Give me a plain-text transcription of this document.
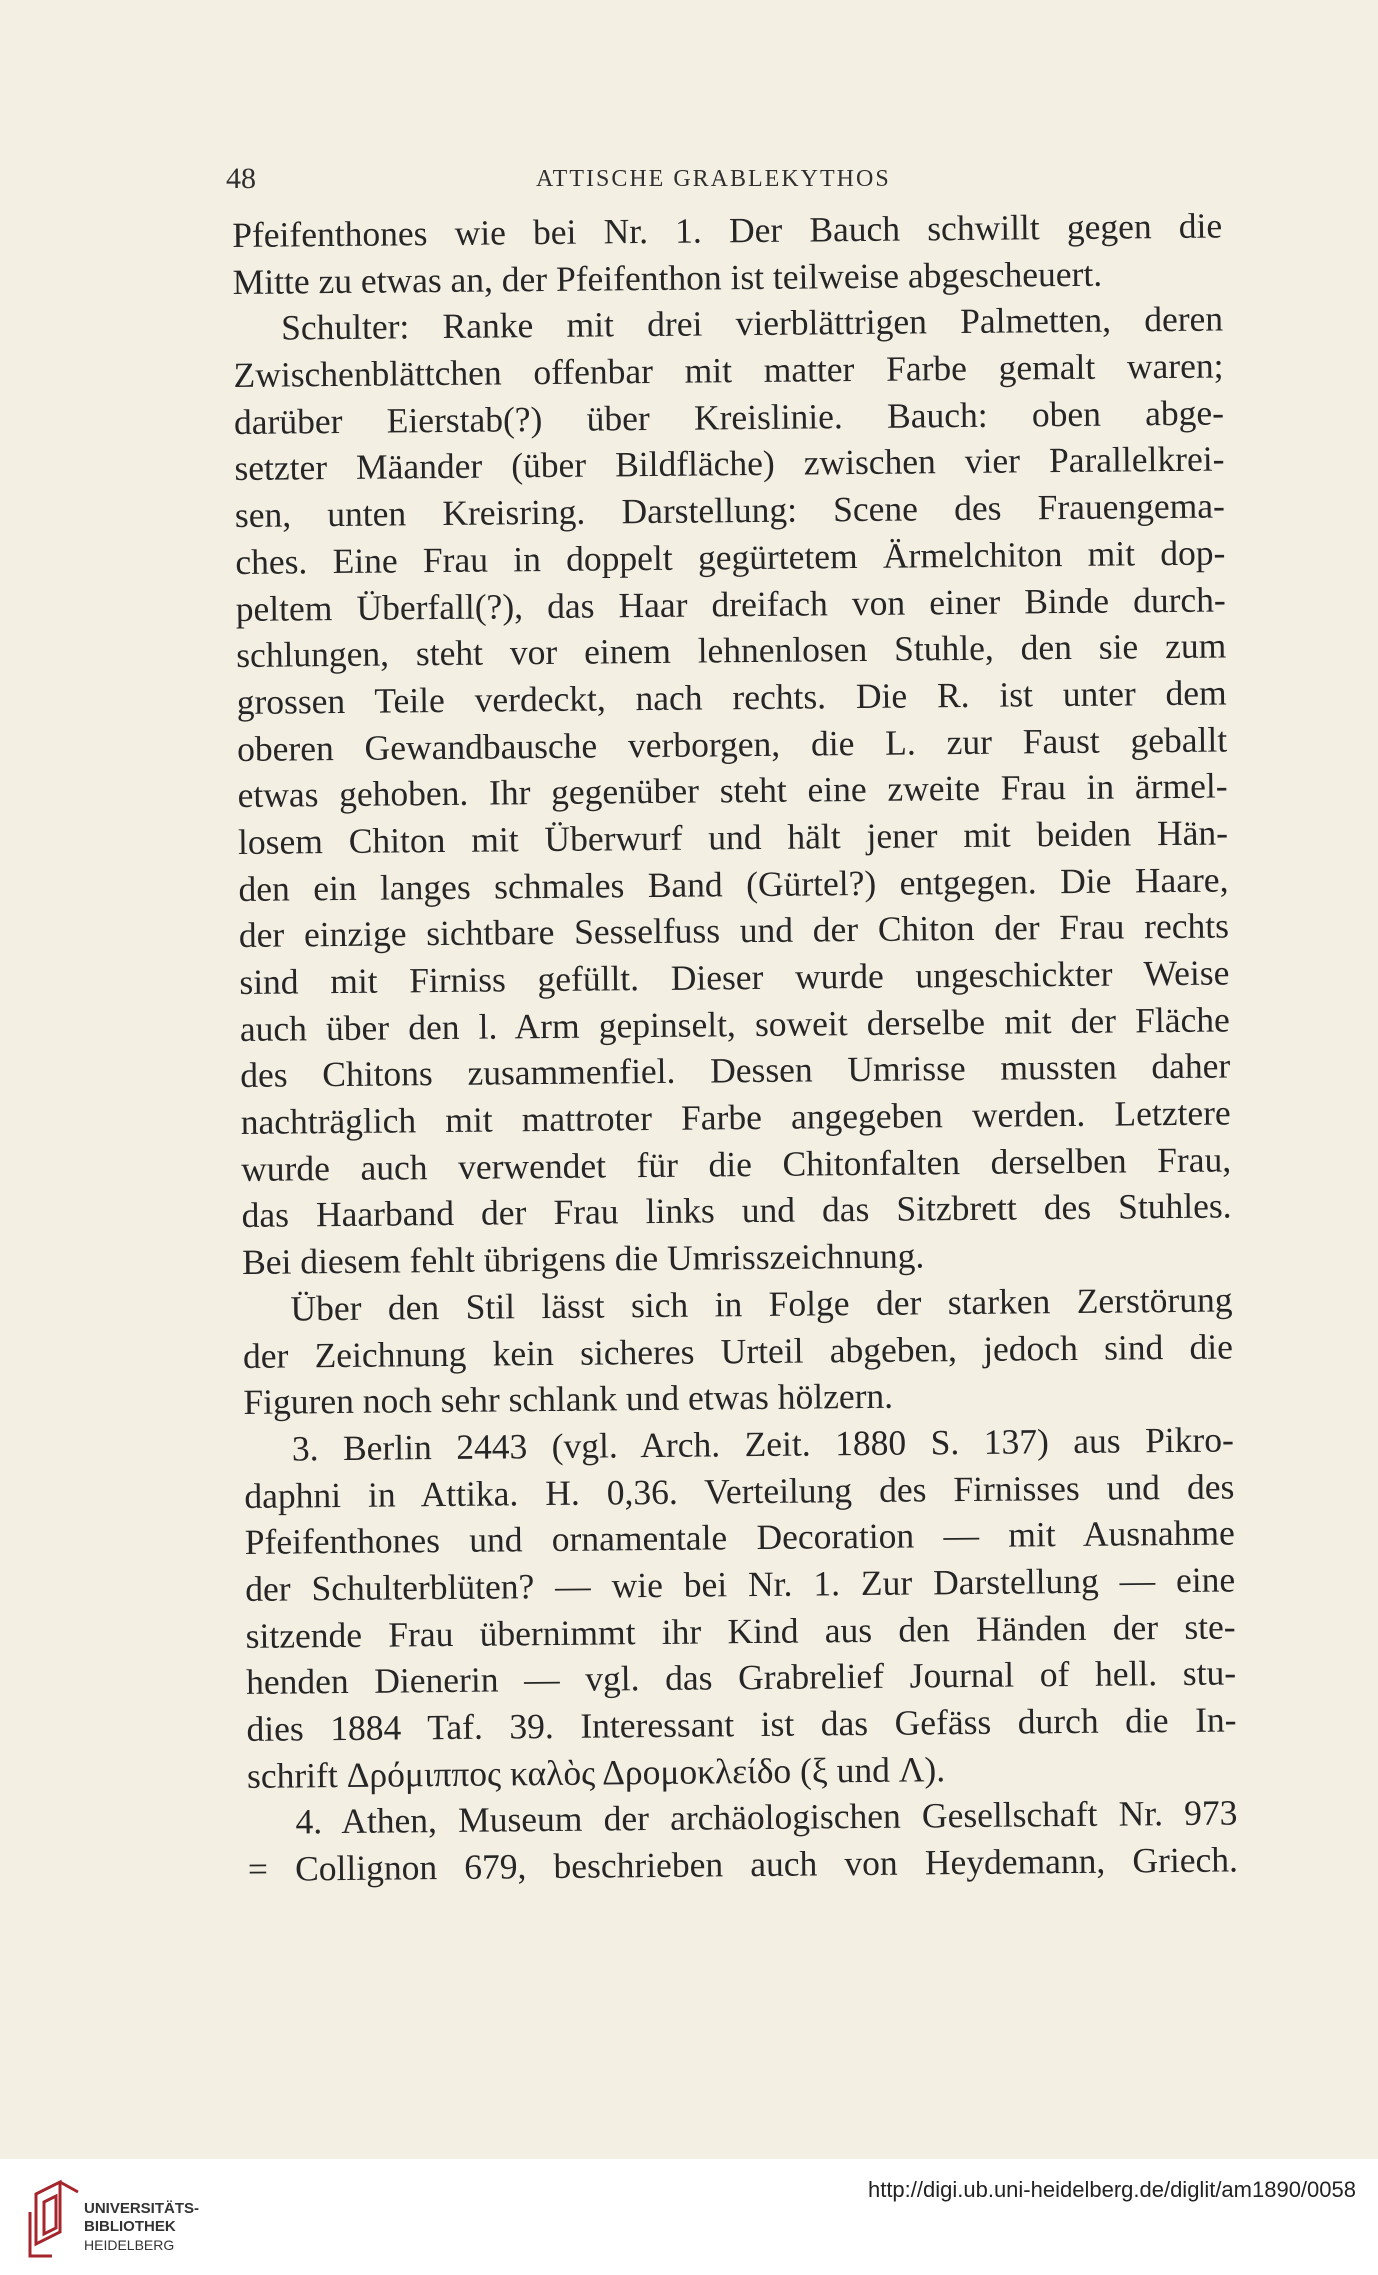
48	ATTISCHE GRABLEKYTHOS
Pfeifenthones wie bei Nr. 1. Der Bauch schwillt gegen die
Mitte zu etwas an, der Pfeifenthon ist teilweise abgescheuert.
Schulter: Ranke mit drei vierblättrigen Palmetten, deren
Zwischenblättchen offenbar mit matter Farbe gemalt waren;
darüber Eierstab(?) über Kreislinie. Bauch: oben abge-
setzter Mäander (über Bildfläche) zwischen vier Parallelkrei-
sen, unten Kreisring. Darstellung: Scene des Frauengema-
ches. Eine Frau in doppelt gegürtetem Ärmelchiton mit dop-
peltem Überfall(?), das Haar dreifach von einer Binde durch-
schlungen, steht vor einem lehnenlosen Stuhle, den sie zum
grossen Teile verdeckt, nach rechts. Die R. ist unter dem
oberen Gewandbausche verborgen, die L. zur Faust geballt
etwas gehoben. Ihr gegenüber steht eine zweite Frau in ärmel-
losem Chiton mit Überwurf und hält jener mit beiden Hän-
den ein langes schmales Band (Gürtel?) entgegen. Die Haare,
der einzige sichtbare Sesselfuss und der Chiton der Frau rechts
sind mit Firniss gefüllt. Dieser wurde ungeschickter Weise
auch über den l. Arm gepinselt, soweit derselbe mit der Fläche
des Chitons zusammenfiel. Dessen Umrisse mussten daher
nachträglich mit mattroter Farbe angegeben werden. Letztere
wurde auch verwendet für die Chitonfalten derselben Frau,
das Haarband der Frau links und das Sitzbrett des Stuhles.
Bei diesem fehlt übrigens die Umrisszeichnung.
Über den Stil lässt sich in Folge der starken Zerstörung
der Zeichnung kein sicheres Urteil abgeben, jedoch sind die
Figuren noch sehr schlank und etwas hölzern.
3. Berlin 2443 (vgl. Arch. Zeit. 1880 S. 137) aus Pikro-
daphni in Attika. H. 0,36. Verteilung des Firnisses und des
Pfeifenthones und ornamentale Decoration — mit Ausnahme
der Schulterblüten? — wie bei Nr. 1. Zur Darstellung — eine
sitzende Frau übernimmt ihr Kind aus den Händen der ste-
henden Dienerin — vgl. das Grabrelief Journal of hell. stu-
dies 1884 Taf. 39. Interessant ist das Gefäss durch die In-
schrift Δρόμιππος καλὸς Δρομοκλείδο (ξ und Λ).
4. Athen, Museum der archäologischen Gesellschaft Nr. 973
= Collignon 679, beschrieben auch von Heydemann, Griech.
UNIVERSITÄTS-
BIBLIOTHEK
HEIDELBERG
http://digi.ub.uni-heidelberg.de/diglit/am1890/0058
